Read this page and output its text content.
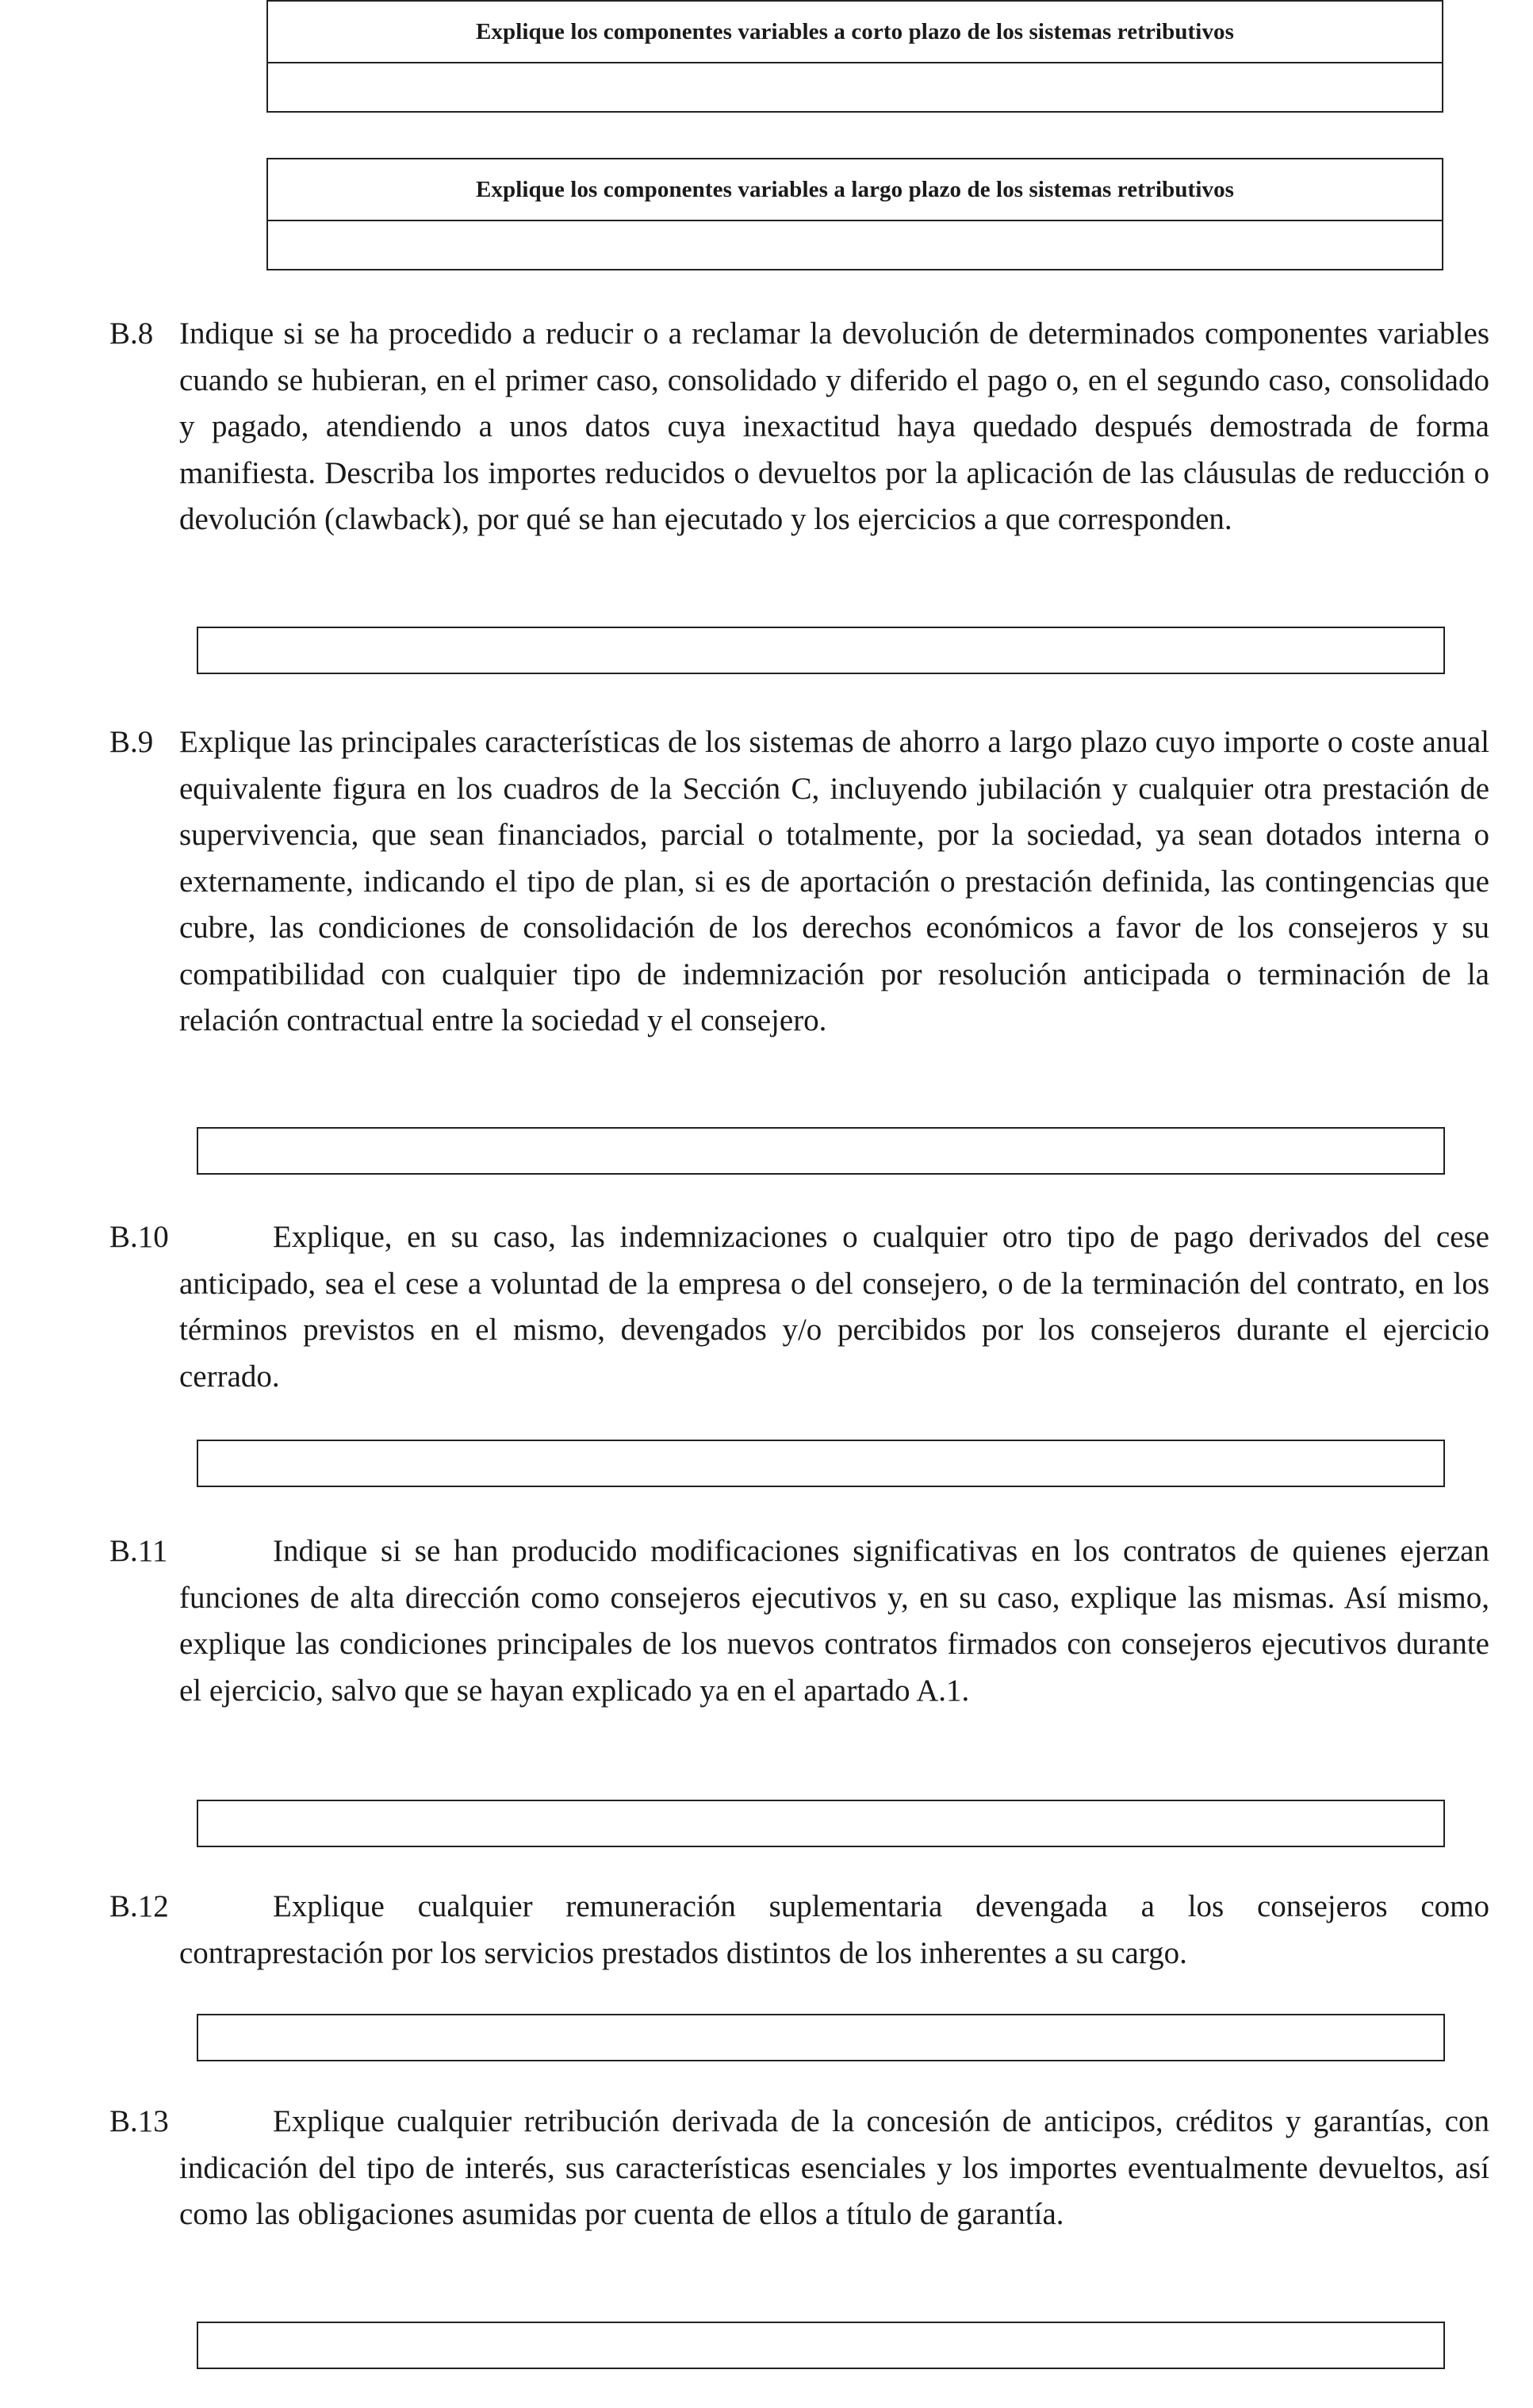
Explique los componentes variables a corto plazo de los sistemas retributivos
Explique los componentes variables a largo plazo de los sistemas retributivos
B.8 Indique si se ha procedido a reducir o a reclamar la devolución de determinados componentes variables cuando se hubieran, en el primer caso, consolidado y diferido el pago o, en el segundo caso, consolidado y pagado, atendiendo a unos datos cuya inexactitud haya quedado después demostrada de forma manifiesta. Describa los importes reducidos o devueltos por la aplicación de las cláusulas de reducción o devolución (clawback), por qué se han ejecutado y los ejercicios a que corresponden.
B.9 Explique las principales características de los sistemas de ahorro a largo plazo cuyo importe o coste anual equivalente figura en los cuadros de la Sección C, incluyendo jubilación y cualquier otra prestación de supervivencia, que sean financiados, parcial o totalmente, por la sociedad, ya sean dotados interna o externamente, indicando el tipo de plan, si es de aportación o prestación definida, las contingencias que cubre, las condiciones de consolidación de los derechos económicos a favor de los consejeros y su compatibilidad con cualquier tipo de indemnización por resolución anticipada o terminación de la relación contractual entre la sociedad y el consejero.
B.10	Explique, en su caso, las indemnizaciones o cualquier otro tipo de pago derivados del cese anticipado, sea el cese a voluntad de la empresa o del consejero, o de la terminación del contrato, en los términos previstos en el mismo, devengados y/o percibidos por los consejeros durante el ejercicio cerrado.
B.11	Indique si se han producido modificaciones significativas en los contratos de quienes ejerzan funciones de alta dirección como consejeros ejecutivos y, en su caso, explique las mismas. Así mismo, explique las condiciones principales de los nuevos contratos firmados con consejeros ejecutivos durante el ejercicio, salvo que se hayan explicado ya en el apartado A.1.
B.12	Explique cualquier remuneración suplementaria devengada a los consejeros como contraprestación por los servicios prestados distintos de los inherentes a su cargo.
B.13	Explique cualquier retribución derivada de la concesión de anticipos, créditos y garantías, con indicación del tipo de interés, sus características esenciales y los importes eventualmente devueltos, así como las obligaciones asumidas por cuenta de ellos a título de garantía.
